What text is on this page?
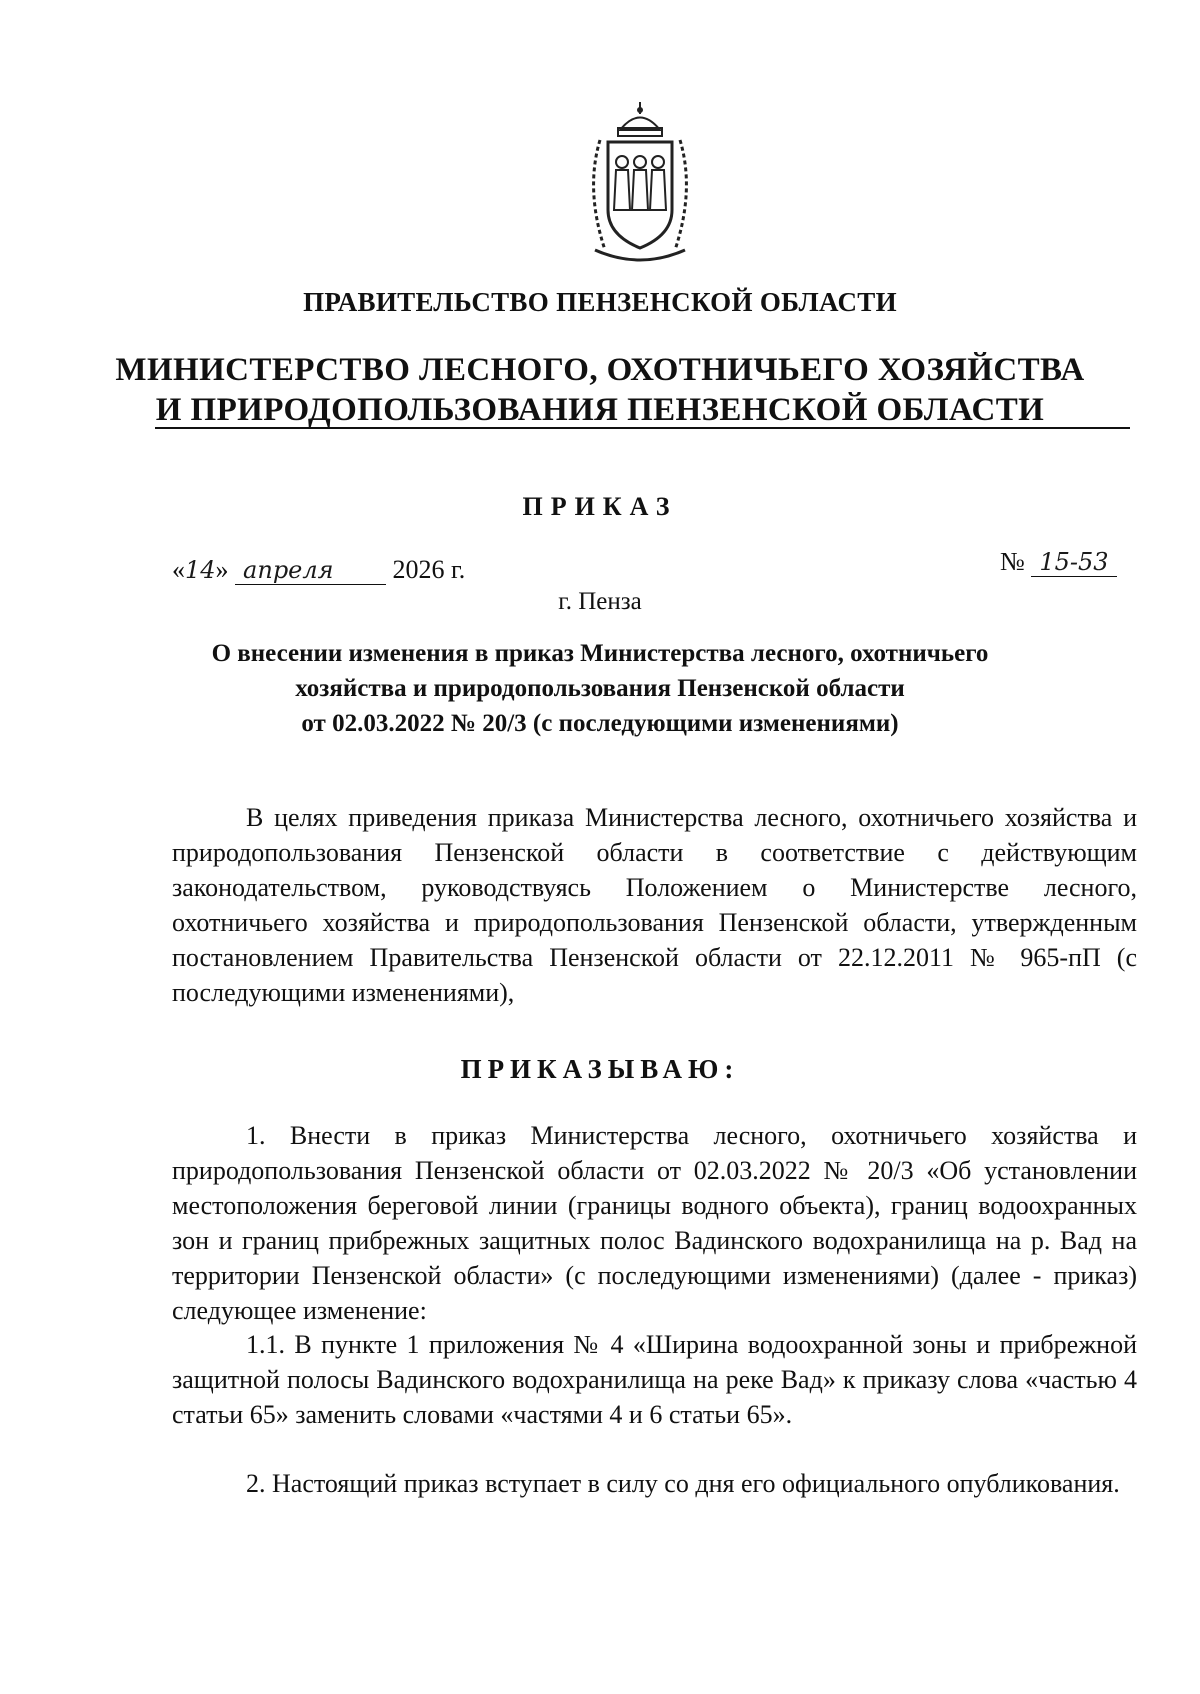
ПРАВИТЕЛЬСТВО ПЕНЗЕНСКОЙ ОБЛАСТИ
МИНИСТЕРСТВО ЛЕСНОГО, ОХОТНИЧЬЕГО ХОЗЯЙСТВА
И ПРИРОДОПОЛЬЗОВАНИЯ ПЕНЗЕНСКОЙ ОБЛАСТИ
ПРИКАЗ
«14» апреля 2026 г.	№ 15-53
г. Пенза
О внесении изменения в приказ Министерства лесного, охотничьего
хозяйства и природопользования Пензенской области
от 02.03.2022 № 20/3 (с последующими изменениями)
В целях приведения приказа Министерства лесного, охотничьего хозяйства и природопользования Пензенской области в соответствие с действующим законодательством, руководствуясь Положением о Министерстве лесного, охотничьего хозяйства и природопользования Пензенской области, утвержденным постановлением Правительства Пензенской области от 22.12.2011 № 965-пП (с последующими изменениями),
ПРИКАЗЫВАЮ:
1. Внести в приказ Министерства лесного, охотничьего хозяйства и природопользования Пензенской области от 02.03.2022 № 20/3 «Об установлении местоположения береговой линии (границы водного объекта), границ водоохранных зон и границ прибрежных защитных полос Вадинского водохранилища на р. Вад на территории Пензенской области» (с последующими изменениями) (далее - приказ) следующее изменение:
1.1. В пункте 1 приложения № 4 «Ширина водоохранной зоны и прибрежной защитной полосы Вадинского водохранилища на реке Вад» к приказу слова «частью 4 статьи 65» заменить словами «частями 4 и 6 статьи 65».
2. Настоящий приказ вступает в силу со дня его официального опубликования.
